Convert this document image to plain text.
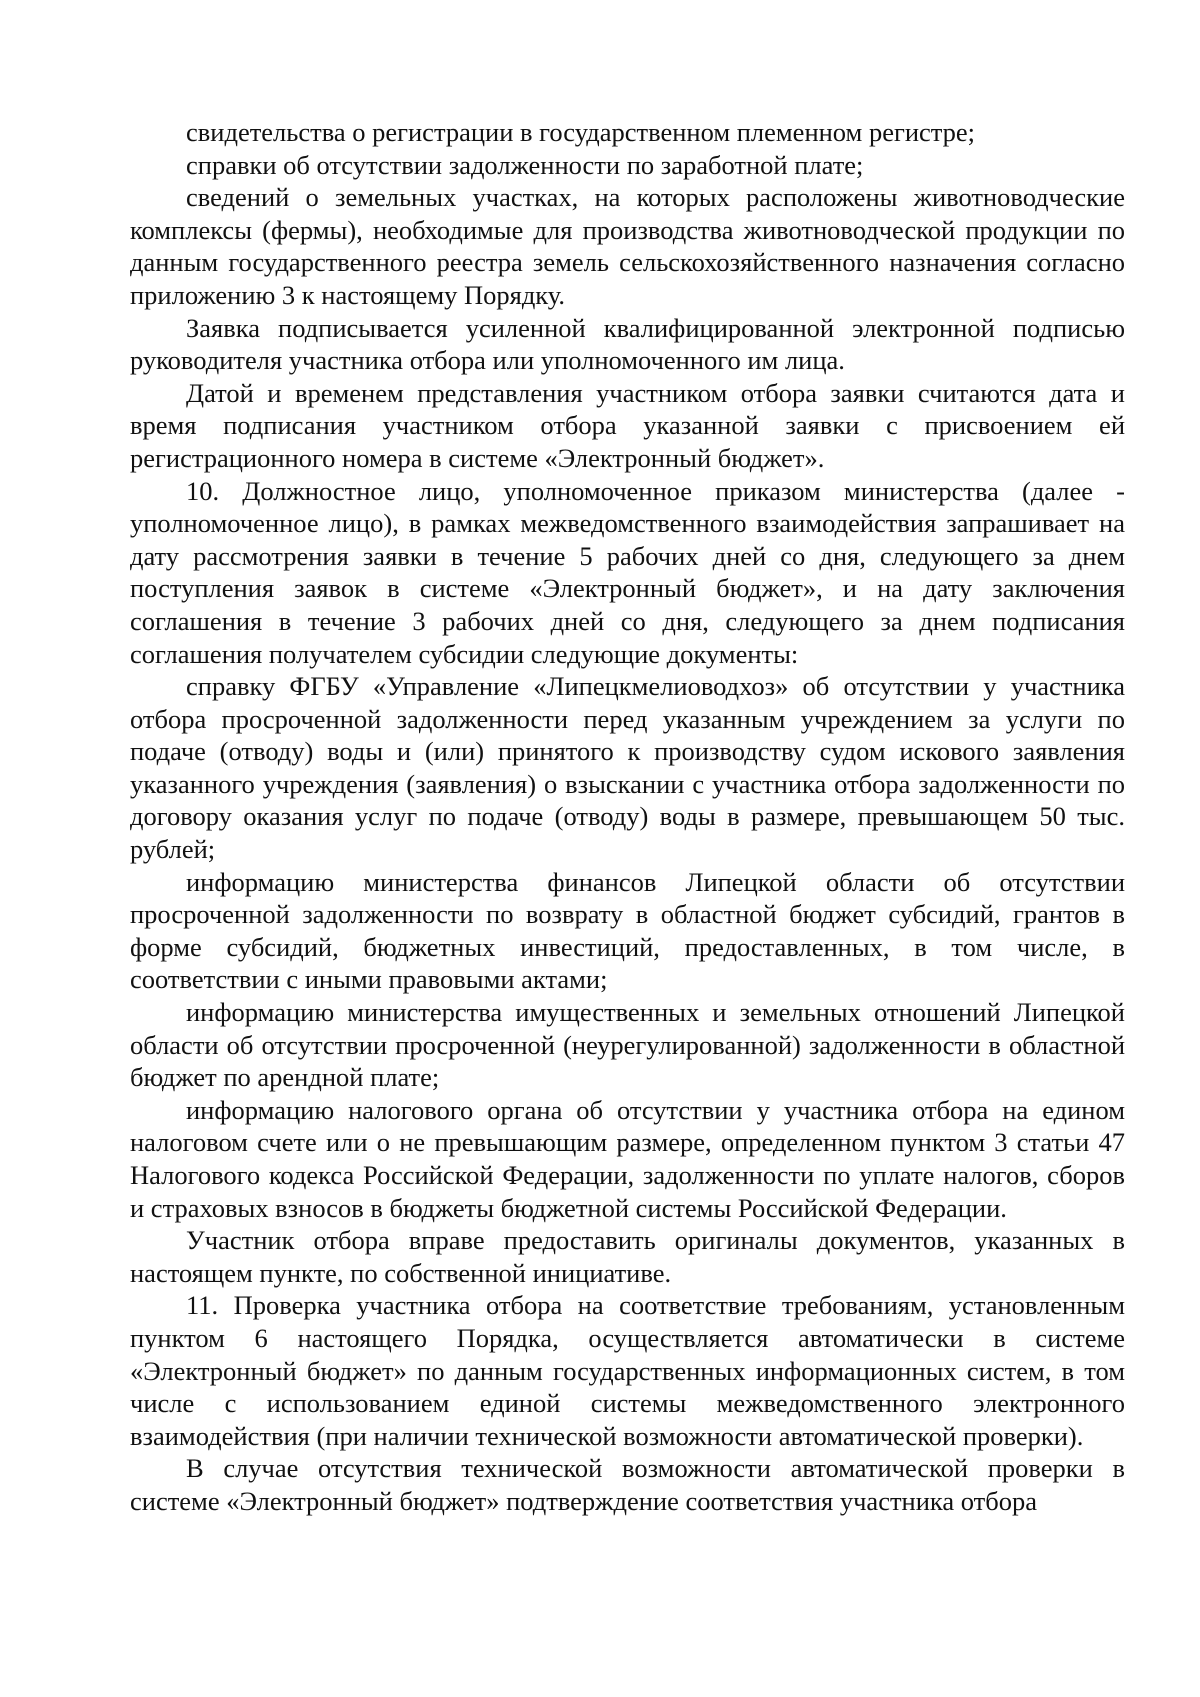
свидетельства о регистрации в государственном племенном регистре;

справки об отсутствии задолженности по заработной плате;

сведений о земельных участках, на которых расположены животноводческие комплексы (фермы), необходимые для производства животноводческой продукции по данным государственного реестра земель сельскохозяйственного назначения согласно приложению 3 к настоящему Порядку.

Заявка подписывается усиленной квалифицированной электронной подписью руководителя участника отбора или уполномоченного им лица.

Датой и временем представления участником отбора заявки считаются дата и время подписания участником отбора указанной заявки с присвоением ей регистрационного номера в системе «Электронный бюджет».

10. Должностное лицо, уполномоченное приказом министерства (далее - уполномоченное лицо), в рамках межведомственного взаимодействия запрашивает на дату рассмотрения заявки в течение 5 рабочих дней со дня, следующего за днем поступления заявок в системе «Электронный бюджет», и на дату заключения соглашения в течение 3 рабочих дней со дня, следующего за днем подписания соглашения получателем субсидии следующие документы:

справку ФГБУ «Управление «Липецкмелиоводхоз» об отсутствии у участника отбора просроченной задолженности перед указанным учреждением за услуги по подаче (отводу) воды и (или) принятого к производству судом искового заявления указанного учреждения (заявления) о взыскании с участника отбора задолженности по договору оказания услуг по подаче (отводу) воды в размере, превышающем 50 тыс. рублей;

информацию министерства финансов Липецкой области об отсутствии просроченной задолженности по возврату в областной бюджет субсидий, грантов в форме субсидий, бюджетных инвестиций, предоставленных, в том числе, в соответствии с иными правовыми актами;

информацию министерства имущественных и земельных отношений Липецкой области об отсутствии просроченной (неурегулированной) задолженности в областной бюджет по арендной плате;

информацию налогового органа об отсутствии у участника отбора на едином налоговом счете или о не превышающим размере, определенном пунктом 3 статьи 47 Налогового кодекса Российской Федерации, задолженности по уплате налогов, сборов и страховых взносов в бюджеты бюджетной системы Российской Федерации.

Участник отбора вправе предоставить оригиналы документов, указанных в настоящем пункте, по собственной инициативе.

11. Проверка участника отбора на соответствие требованиям, установленным пунктом 6 настоящего Порядка, осуществляется автоматически в системе «Электронный бюджет» по данным государственных информационных систем, в том числе с использованием единой системы межведомственного электронного взаимодействия (при наличии технической возможности автоматической проверки).

В случае отсутствия технической возможности автоматической проверки в системе «Электронный бюджет» подтверждение соответствия участника отбора
